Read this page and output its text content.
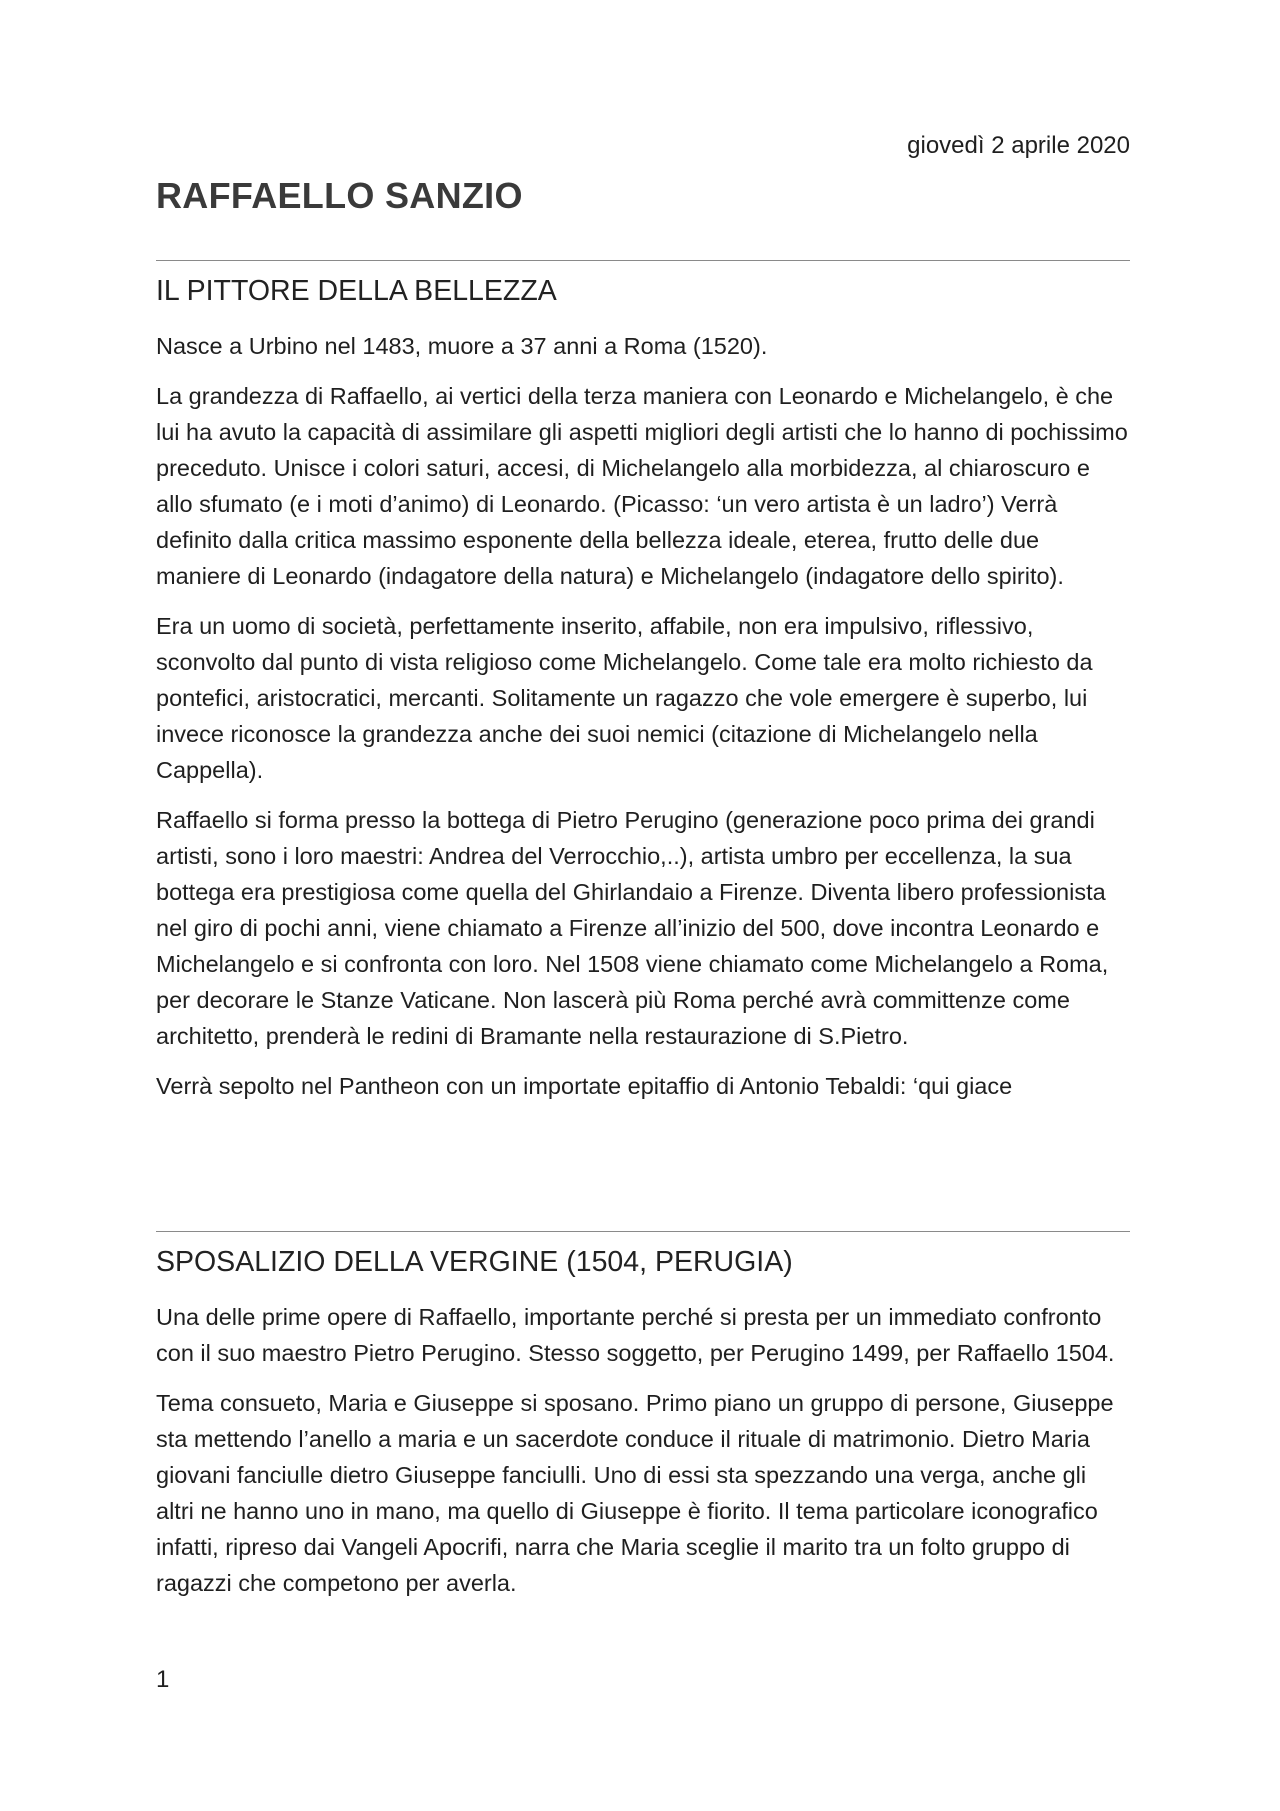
giovedì 2 aprile 2020
RAFFAELLO SANZIO
IL PITTORE DELLA BELLEZZA

Nasce a Urbino nel 1483, muore a 37 anni a Roma (1520).

La grandezza di Raffaello, ai vertici della terza maniera con Leonardo e Michelangelo, è che lui ha avuto la capacità di assimilare gli aspetti migliori degli artisti che lo hanno di pochissimo preceduto. Unisce i colori saturi, accesi, di Michelangelo alla morbidezza, al chiaroscuro e allo sfumato (e i moti d’animo) di Leonardo. (Picasso: ‘un vero artista è un ladro’) Verrà definito dalla critica massimo esponente della bellezza ideale, eterea, frutto delle due maniere di Leonardo (indagatore della natura) e Michelangelo (indagatore dello spirito).

Era un uomo di società, perfettamente inserito, affabile, non era impulsivo, riflessivo, sconvolto dal punto di vista religioso come Michelangelo. Come tale era molto richiesto da pontefici, aristocratici, mercanti. Solitamente un ragazzo che vole emergere è superbo, lui invece riconosce la grandezza anche dei suoi nemici (citazione di Michelangelo nella Cappella).

Raffaello si forma presso la bottega di Pietro Perugino (generazione poco prima dei grandi artisti, sono i loro maestri: Andrea del Verrocchio,..), artista umbro per eccellenza, la sua bottega era prestigiosa come quella del Ghirlandaio a Firenze. Diventa libero professionista nel giro di pochi anni, viene chiamato a Firenze all’inizio del 500, dove incontra Leonardo e Michelangelo e si confronta con loro. Nel 1508 viene chiamato come Michelangelo a Roma, per decorare le Stanze Vaticane. Non lascerà più Roma perché avrà committenze come architetto, prenderà le redini di Bramante nella restaurazione di S.Pietro.

Verrà sepolto nel Pantheon con un importate epitaffio di Antonio Tebaldi: ‘qui giace

SPOSALIZIO DELLA VERGINE (1504, PERUGIA)

Una delle prime opere di Raffaello, importante perché si presta per un immediato confronto con il suo maestro Pietro Perugino. Stesso soggetto, per Perugino 1499, per Raffaello 1504.

Tema consueto, Maria e Giuseppe si sposano. Primo piano un gruppo di persone, Giuseppe sta mettendo l’anello a maria e un sacerdote conduce il rituale di matrimonio. Dietro Maria giovani fanciulle dietro Giuseppe fanciulli. Uno di essi sta spezzando una verga, anche gli altri ne hanno uno in mano, ma quello di Giuseppe è fiorito. Il tema particolare iconografico infatti, ripreso dai Vangeli Apocrifi, narra che Maria sceglie il marito tra un folto gruppo di ragazzi che competono per averla.

1
